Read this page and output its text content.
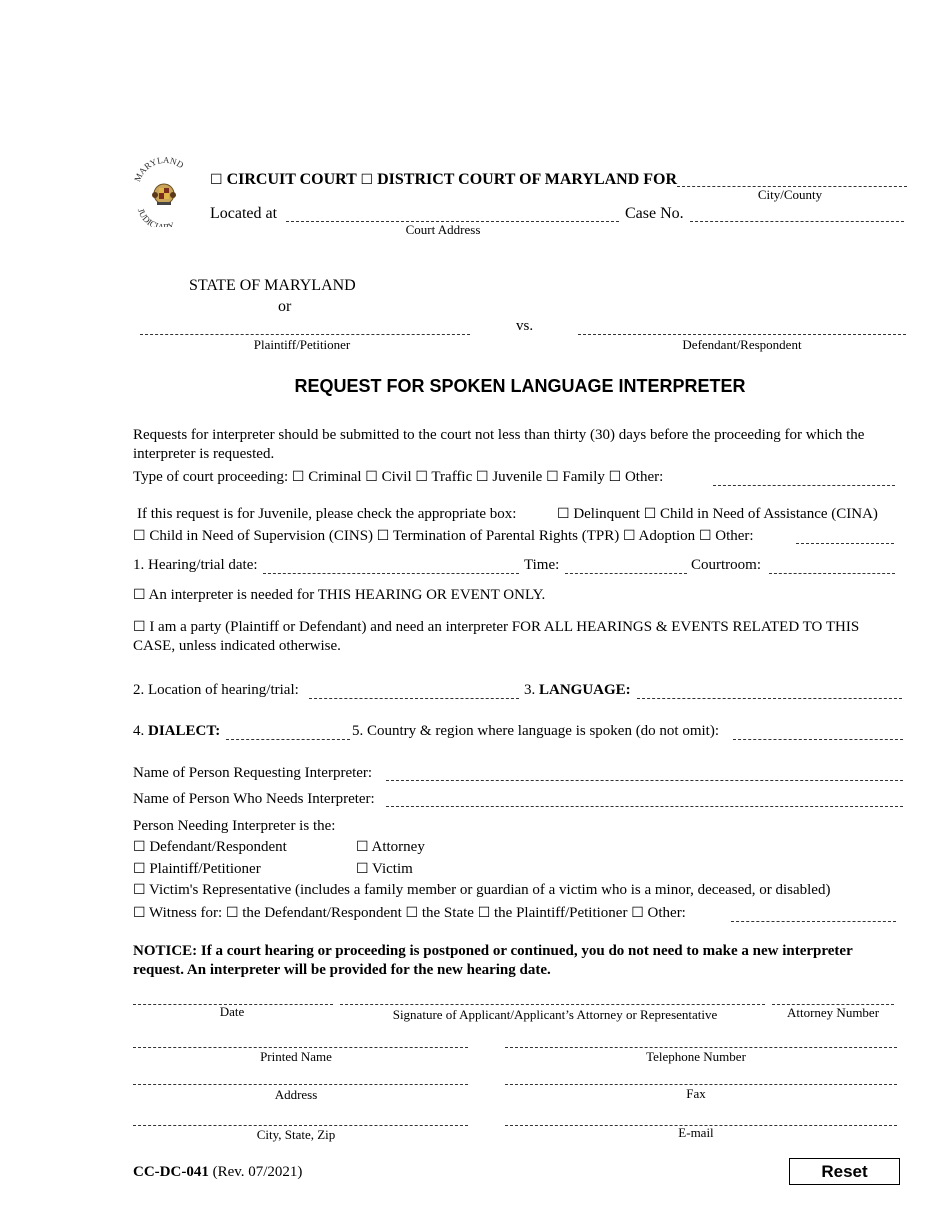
MARYLAND
JUDICIARY
☐ CIRCUIT COURT ☐ DISTRICT COURT OF MARYLAND FOR
City/County
Located at
Court Address
Case No.
STATE OF MARYLAND
or
Plaintiff/Petitioner
vs.
Defendant/Respondent
REQUEST FOR SPOKEN LANGUAGE INTERPRETER
Requests for interpreter should be submitted to the court not less than thirty (30) days before the proceeding for which the interpreter is requested.
Type of court proceeding: ☐ Criminal ☐ Civil ☐ Traffic ☐ Juvenile ☐ Family ☐ Other:
If this request is for Juvenile, please check the appropriate box:	☐ Delinquent ☐ Child in Need of Assistance (CINA)
☐ Child in Need of Supervision (CINS) ☐ Termination of Parental Rights (TPR) ☐ Adoption ☐ Other:
1. Hearing/trial date:	Time:	Courtroom:
☐ An interpreter is needed for THIS HEARING OR EVENT ONLY.
☐ I am a party (Plaintiff or Defendant) and need an interpreter FOR ALL HEARINGS & EVENTS RELATED TO THIS CASE, unless indicated otherwise.
2. Location of hearing/trial:	3. LANGUAGE:
4. DIALECT:	5. Country & region where language is spoken (do not omit):
Name of Person Requesting Interpreter:
Name of Person Who Needs Interpreter:
Person Needing Interpreter is the:
☐ Defendant/Respondent	☐ Attorney
☐ Plaintiff/Petitioner	☐ Victim
☐ Victim's Representative (includes a family member or guardian of a victim who is a minor, deceased, or disabled)
☐ Witness for: ☐ the Defendant/Respondent ☐ the State ☐ the Plaintiff/Petitioner ☐ Other:
NOTICE: If a court hearing or proceeding is postponed or continued, you do not need to make a new interpreter request. An interpreter will be provided for the new hearing date.
Date	Signature of Applicant/Applicant’s Attorney or Representative	Attorney Number
Printed Name	Telephone Number
Address	Fax
City, State, Zip	E-mail
CC-DC-041 (Rev. 07/2021)	Reset
